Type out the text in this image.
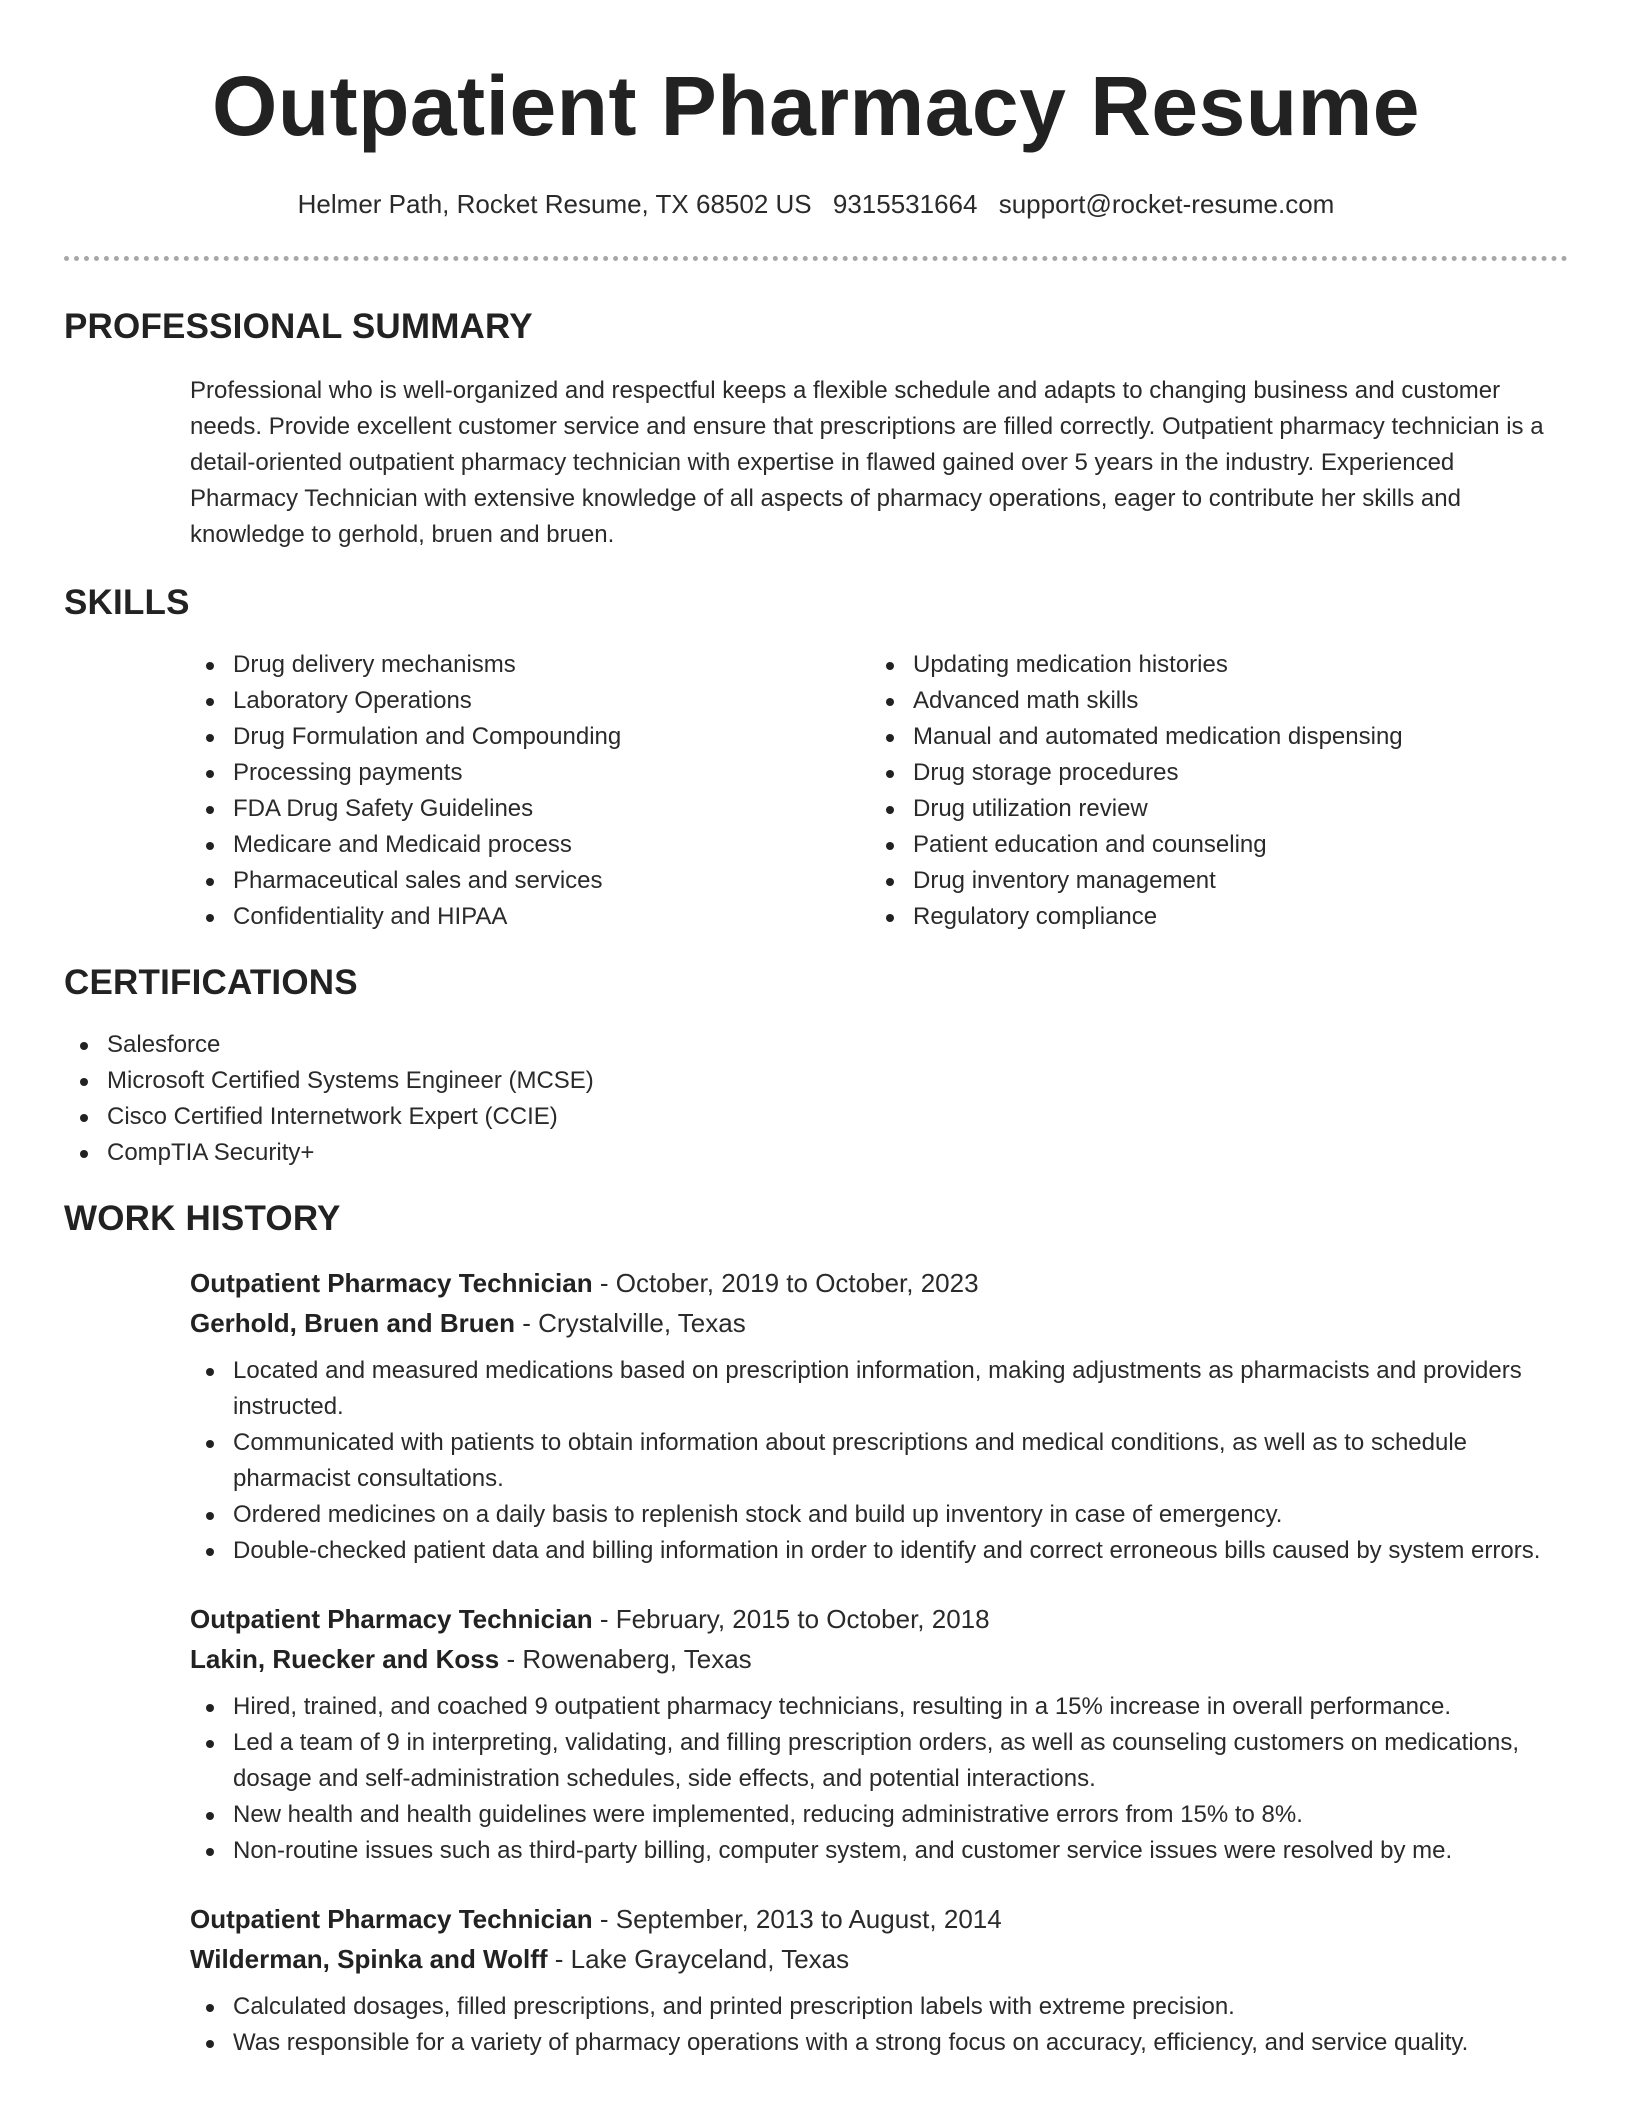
Outpatient Pharmacy Resume
Helmer Path, Rocket Resume, TX 68502 US 9315531664 support@rocket-resume.com
PROFESSIONAL SUMMARY
Professional who is well-organized and respectful keeps a flexible schedule and adapts to changing business and customer needs. Provide excellent customer service and ensure that prescriptions are filled correctly. Outpatient pharmacy technician is a detail-oriented outpatient pharmacy technician with expertise in flawed gained over 5 years in the industry. Experienced Pharmacy Technician with extensive knowledge of all aspects of pharmacy operations, eager to contribute her skills and knowledge to gerhold, bruen and bruen.
SKILLS
Drug delivery mechanisms
Laboratory Operations
Drug Formulation and Compounding
Processing payments
FDA Drug Safety Guidelines
Medicare and Medicaid process
Pharmaceutical sales and services
Confidentiality and HIPAA
Updating medication histories
Advanced math skills
Manual and automated medication dispensing
Drug storage procedures
Drug utilization review
Patient education and counseling
Drug inventory management
Regulatory compliance
CERTIFICATIONS
Salesforce
Microsoft Certified Systems Engineer (MCSE)
Cisco Certified Internetwork Expert (CCIE)
CompTIA Security+
WORK HISTORY
Outpatient Pharmacy Technician - October, 2019 to October, 2023
Gerhold, Bruen and Bruen - Crystalville, Texas
Located and measured medications based on prescription information, making adjustments as pharmacists and providers instructed.
Communicated with patients to obtain information about prescriptions and medical conditions, as well as to schedule pharmacist consultations.
Ordered medicines on a daily basis to replenish stock and build up inventory in case of emergency.
Double-checked patient data and billing information in order to identify and correct erroneous bills caused by system errors.
Outpatient Pharmacy Technician - February, 2015 to October, 2018
Lakin, Ruecker and Koss - Rowenaberg, Texas
Hired, trained, and coached 9 outpatient pharmacy technicians, resulting in a 15% increase in overall performance.
Led a team of 9 in interpreting, validating, and filling prescription orders, as well as counseling customers on medications, dosage and self-administration schedules, side effects, and potential interactions.
New health and health guidelines were implemented, reducing administrative errors from 15% to 8%.
Non-routine issues such as third-party billing, computer system, and customer service issues were resolved by me.
Outpatient Pharmacy Technician - September, 2013 to August, 2014
Wilderman, Spinka and Wolff - Lake Grayceland, Texas
Calculated dosages, filled prescriptions, and printed prescription labels with extreme precision.
Was responsible for a variety of pharmacy operations with a strong focus on accuracy, efficiency, and service quality.
